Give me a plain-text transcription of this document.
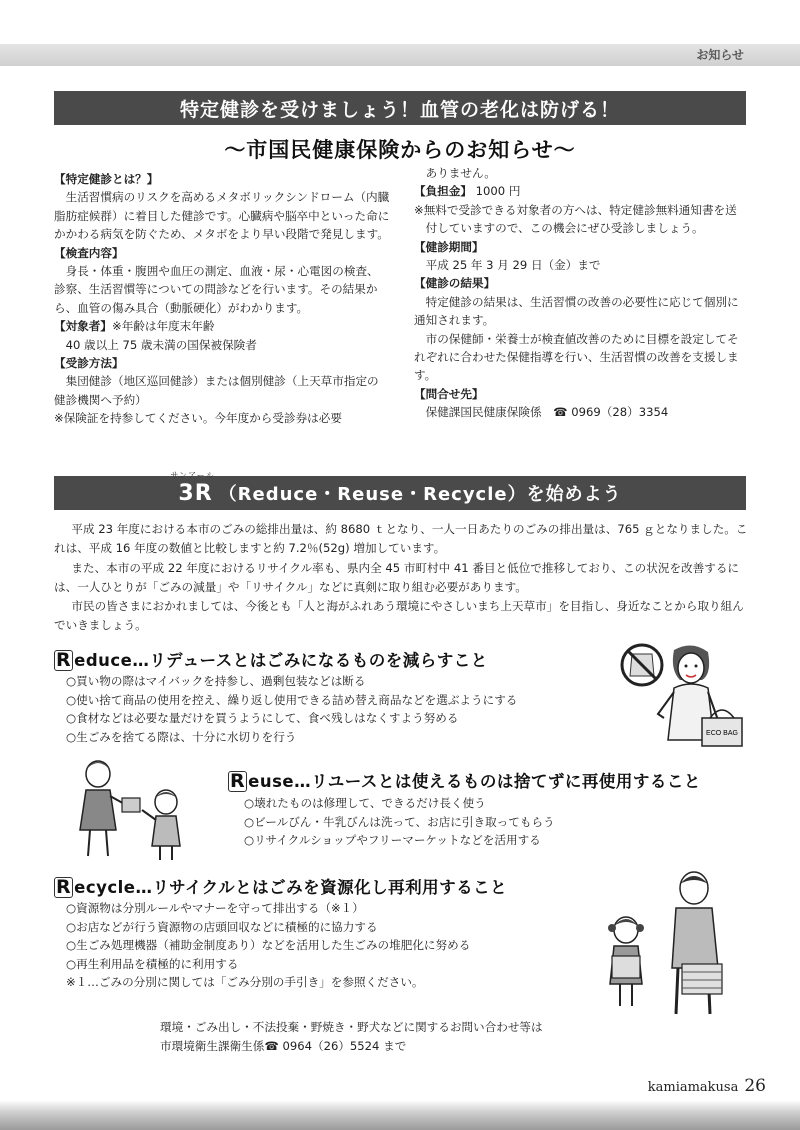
お知らせ
特定健診を受けましょう！血管の老化は防げる！
～市国民健康保険からのお知らせ～
【特定健診とは？】
生活習慣病のリスクを高めるメタボリックシンドローム（内臓脂肪症候群）に着目した健診です。心臓病や脳卒中といった命にかかわる病気を防ぐため、メタボをより早い段階で発見します。
【検査内容】
身長・体重・腹囲や血圧の測定、血液・尿・心電図の検査、診察、生活習慣等についての問診などを行います。その結果から、血管の傷み具合（動脈硬化）がわかります。
【対象者】※年齢は年度末年齢
40 歳以上 75 歳未満の国保被保険者
【受診方法】
集団健診（地区巡回健診）または個別健診（上天草市指定の健診機関へ予約）
※保険証を持参してください。今年度から受診券は必要
ありません。
【負担金】 1000 円
※無料で受診できる対象者の方へは、特定健診無料通知書を送付していますので、この機会にぜひ受診しましょう。
【健診期間】
平成 25 年 3 月 29 日（金）まで
【健診の結果】
特定健診の結果は、生活習慣の改善の必要性に応じて個別に通知されます。
市の保健師・栄養士が検査値改善のために目標を設定してそれぞれに合わせた保健指導を行い、生活習慣の改善を支援します。
【問合せ先】
保健課国民健康保険係　☎ 0969（28）3354
サンアール
3R （Reduce・Reuse・Recycle）を始めよう

平成 23 年度における本市のごみの総排出量は、約 8680 ｔとなり、一人一日あたりのごみの排出量は、765 ｇとなりました。これは、平成 16 年度の数値と比較しますと約 7.2％(52g) 増加しています。

また、本市の平成 22 年度におけるリサイクル率も、県内全 45 市町村中 41 番目と低位で推移しており、この状況を改善するには、一人ひとりが「ごみの減量」や「リサイクル」などに真剣に取り組む必要があります。

市民の皆さまにおかれましては、今後とも「人と海がふれあう環境にやさしいまち上天草市」を目指し、身近なことから取り組んでいきましょう。

R educe…リデュースとはごみになるものを減らすこと
○買い物の際はマイバックを持参し、過剰包装などは断る
○使い捨て商品の使用を控え、繰り返し使用できる詰め替え商品などを選ぶようにする
○食材などは必要な量だけを買うようにして、食べ残しはなくすよう努める
○生ごみを捨てる際は、十分に水切りを行う	ECO BAG
R euse…リユースとは使えるものは捨てずに再使用すること
○壊れたものは修理して、できるだけ長く使う
○ビールびん・牛乳びんは洗って、お店に引き取ってもらう
○リサイクルショップやフリーマーケットなどを活用する
R ecycle…リサイクルとはごみを資源化し再利用すること
○資源物は分別ルールやマナーを守って排出する（※１）
○お店などが行う資源物の店頭回収などに積極的に協力する
○生ごみ処理機器（補助金制度あり）などを活用した生ごみの堆肥化に努める
○再生利用品を積極的に利用する
※１…ごみの分別に関しては「ごみ分別の手引き」を参照ください。
環境・ごみ出し・不法投棄・野焼き・野犬などに関するお問い合わせ等は
市環境衛生課衛生係☎ 0964（26）5524 まで
kamiamakusa 26
